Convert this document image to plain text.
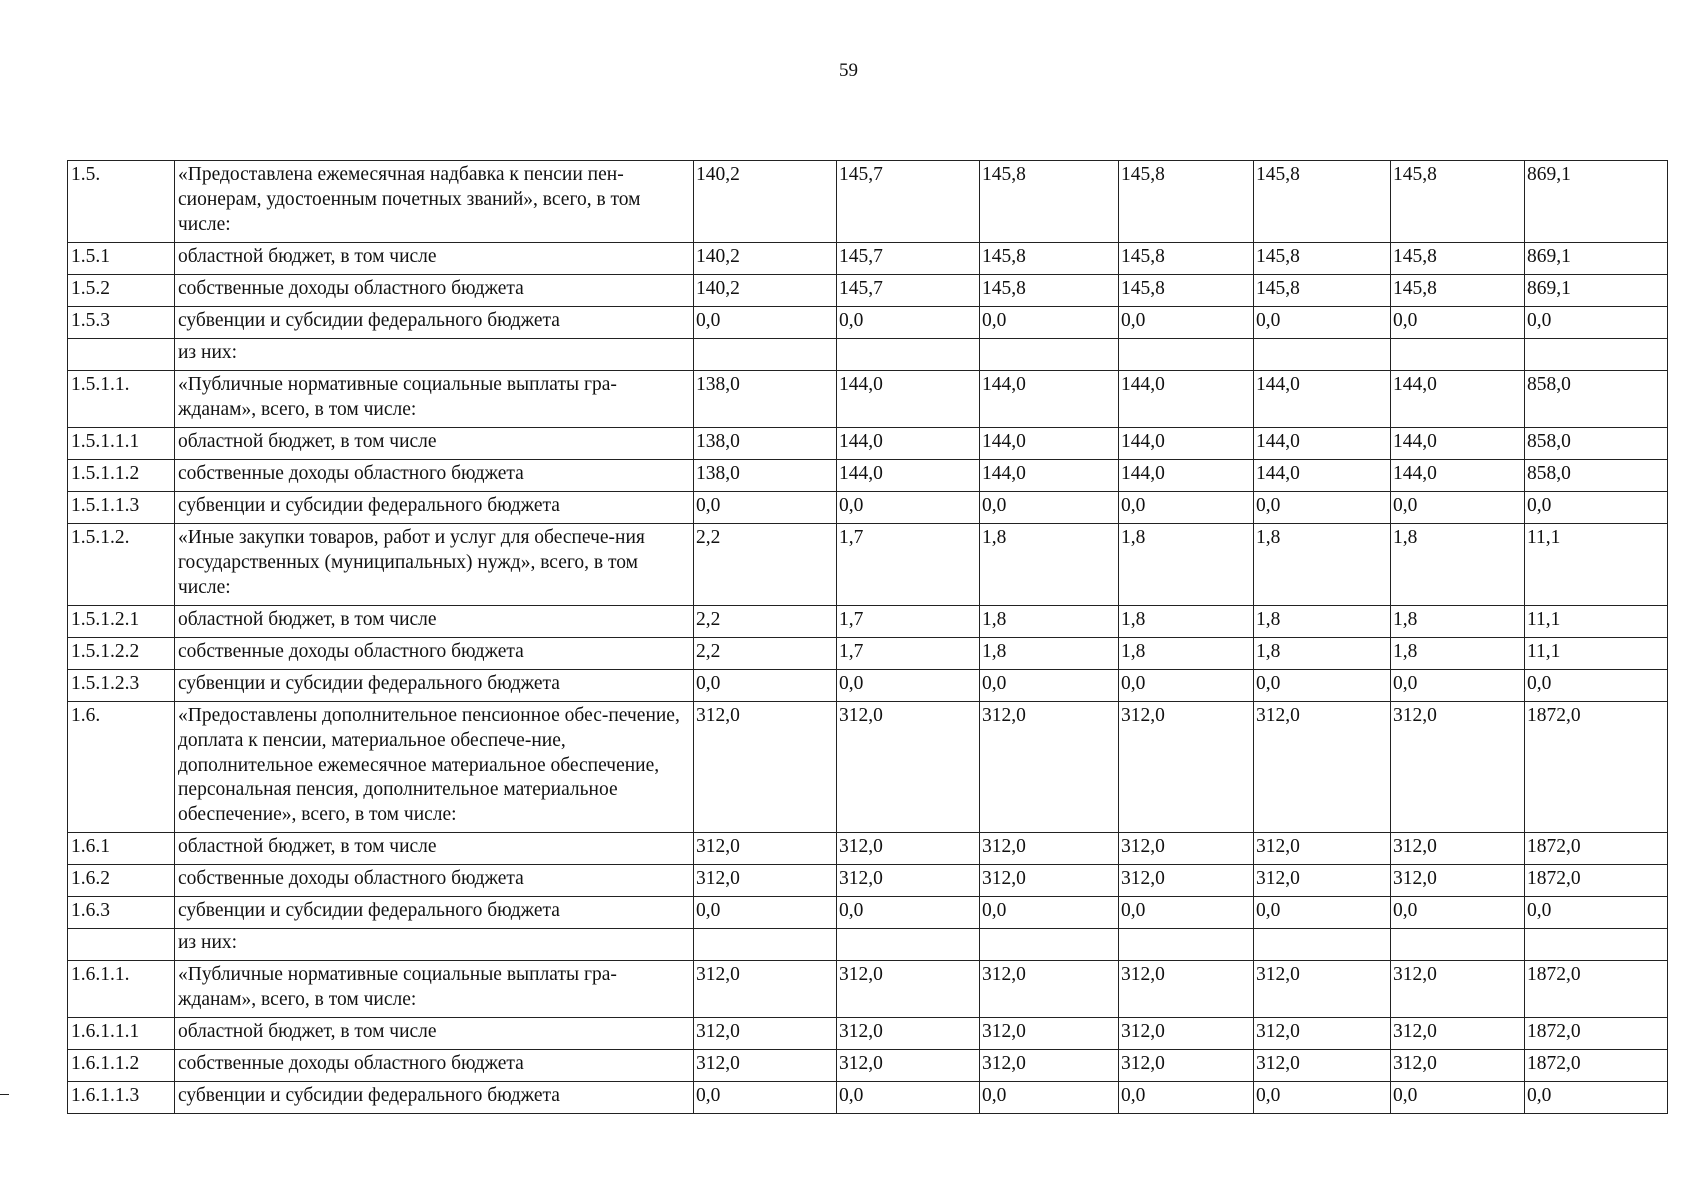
59
1.5.	«Предоставлена ежемесячная надбавка к пенсии пен-сионерам, удостоенным почетных званий», всего, в том числе:	140,2	145,7	145,8	145,8	145,8	145,8	869,1
1.5.1	областной бюджет, в том числе	140,2	145,7	145,8	145,8	145,8	145,8	869,1
1.5.2	собственные доходы областного бюджета	140,2	145,7	145,8	145,8	145,8	145,8	869,1
1.5.3	субвенции и субсидии федерального бюджета	0,0	0,0	0,0	0,0	0,0	0,0	0,0
	из них:							
1.5.1.1.	«Публичные нормативные социальные выплаты гра-жданам», всего, в том числе:	138,0	144,0	144,0	144,0	144,0	144,0	858,0
1.5.1.1.1	областной бюджет, в том числе	138,0	144,0	144,0	144,0	144,0	144,0	858,0
1.5.1.1.2	собственные доходы областного бюджета	138,0	144,0	144,0	144,0	144,0	144,0	858,0
1.5.1.1.3	субвенции и субсидии федерального бюджета	0,0	0,0	0,0	0,0	0,0	0,0	0,0
1.5.1.2.	«Иные закупки товаров, работ и услуг для обеспече-ния государственных (муниципальных) нужд», всего, в том числе:	2,2	1,7	1,8	1,8	1,8	1,8	11,1
1.5.1.2.1	областной бюджет, в том числе	2,2	1,7	1,8	1,8	1,8	1,8	11,1
1.5.1.2.2	собственные доходы областного бюджета	2,2	1,7	1,8	1,8	1,8	1,8	11,1
1.5.1.2.3	субвенции и субсидии федерального бюджета	0,0	0,0	0,0	0,0	0,0	0,0	0,0
1.6.	«Предоставлены дополнительное пенсионное обес-печение, доплата к пенсии, материальное обеспече-ние, дополнительное ежемесячное материальное обеспечение, персональная пенсия, дополнительное материальное обеспечение», всего, в том числе:	312,0	312,0	312,0	312,0	312,0	312,0	1872,0
1.6.1	областной бюджет, в том числе	312,0	312,0	312,0	312,0	312,0	312,0	1872,0
1.6.2	собственные доходы областного бюджета	312,0	312,0	312,0	312,0	312,0	312,0	1872,0
1.6.3	субвенции и субсидии федерального бюджета	0,0	0,0	0,0	0,0	0,0	0,0	0,0
	из них:							
1.6.1.1.	«Публичные нормативные социальные выплаты гра-жданам», всего, в том числе:	312,0	312,0	312,0	312,0	312,0	312,0	1872,0
1.6.1.1.1	областной бюджет, в том числе	312,0	312,0	312,0	312,0	312,0	312,0	1872,0
1.6.1.1.2	собственные доходы областного бюджета	312,0	312,0	312,0	312,0	312,0	312,0	1872,0
1.6.1.1.3	субвенции и субсидии федерального бюджета	0,0	0,0	0,0	0,0	0,0	0,0	0,0
